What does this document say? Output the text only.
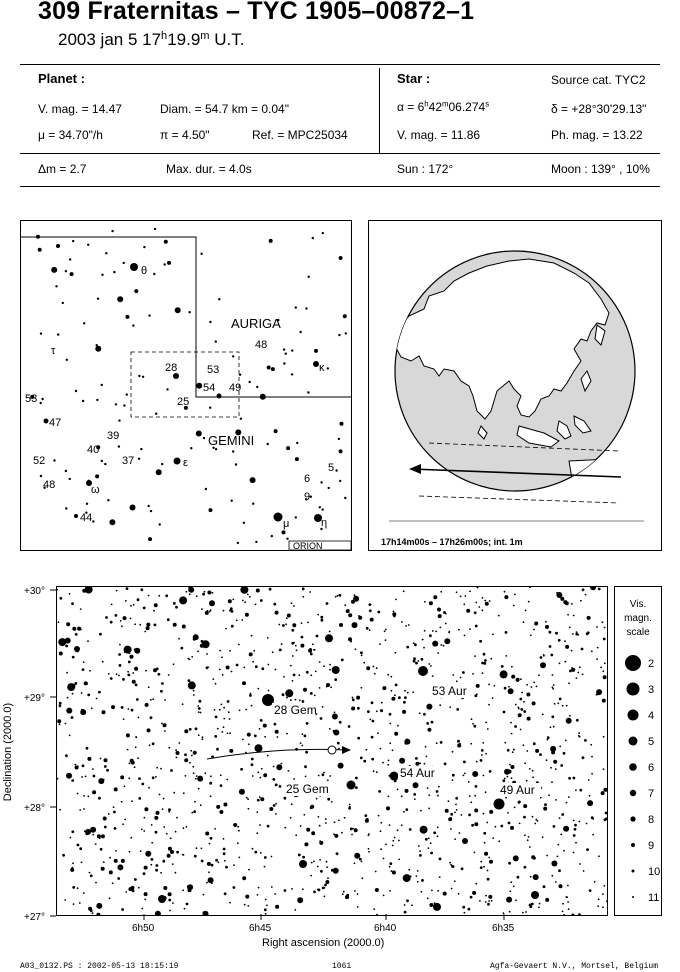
309 Fraternitas – TYC 1905–00872–1
2003 jan 5 17$^h$19.9$^m$ U.T.
Planet :
V. mag. = 14.47	Diam. = 54.7 km = 0.04"
μ = 34.70"/h	π = 4.50"	Ref. = MPC25034
Δm = 2.7	Max. dur. = 4.0s
Star :	Source cat. TYC2
$\alpha = 6^h42^m06.274^s$	δ = +28°30'29.13"
V. mag. = 11.86	Ph. mag. = 13.22
Sun : 172°	Moon : 139° , 10%
AURIGA
GEMINI
ORION
θ
τ
κ
ε
ω
μ	η
53
47
52
48
44
40
39
37
28	53
54 49
25
48
6
5
9
17h14m00s – 17h26m00s; int. 1m
28 Gem
53 Aur
25 Gem
54 Aur
49 Aur
6h50	6h45	6h40	6h35
+30°
+29°
+28°
+27°
Right ascension (2000.0)
Declination (2000.0)
Vis.
magn.
scale
2
3
4
5
6
7
8
9
10
11
A03_0132.PS : 2002-05-13 18:15:19	1061	Agfa-Gevaert N.V., Mortsel, Belgium
